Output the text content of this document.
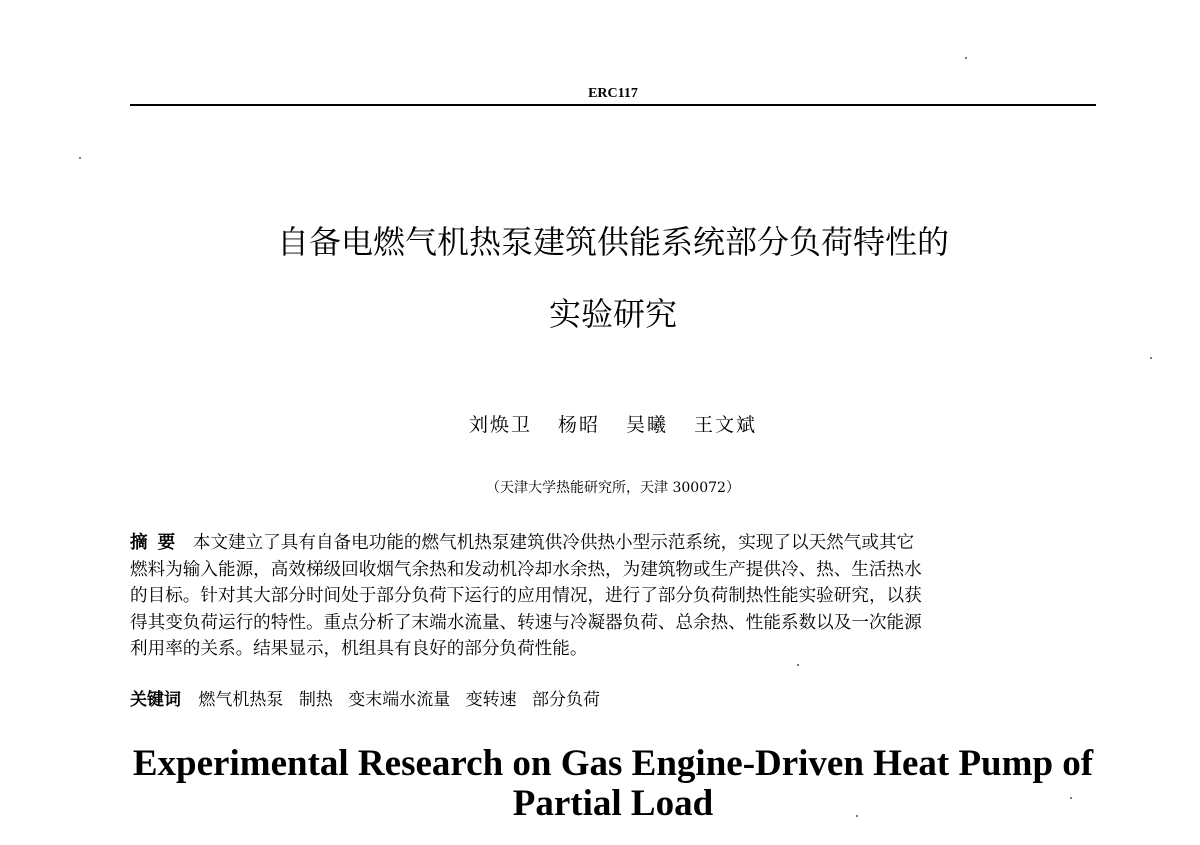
ERC117
自备电燃气机热泵建筑供能系统部分负荷特性的
实验研究
刘焕卫 杨昭 吴曦 王文斌
（天津大学热能研究所，天津 300072）
摘要 本文建立了具有自备电功能的燃气机热泵建筑供冷供热小型示范系统，实现了以天然气或其它
燃料为输入能源，高效梯级回收烟气余热和发动机冷却水余热，为建筑物或生产提供冷、热、生活热水
的目标。针对其大部分时间处于部分负荷下运行的应用情况，进行了部分负荷制热性能实验研究，以获
得其变负荷运行的特性。重点分析了末端水流量、转速与冷凝器负荷、总余热、性能系数以及一次能源
利用率的关系。结果显示，机组具有良好的部分负荷性能。
关键词 燃气机热泵 制热 变末端水流量 变转速 部分负荷
Experimental Research on Gas Engine-Driven Heat Pump of
Partial Load
